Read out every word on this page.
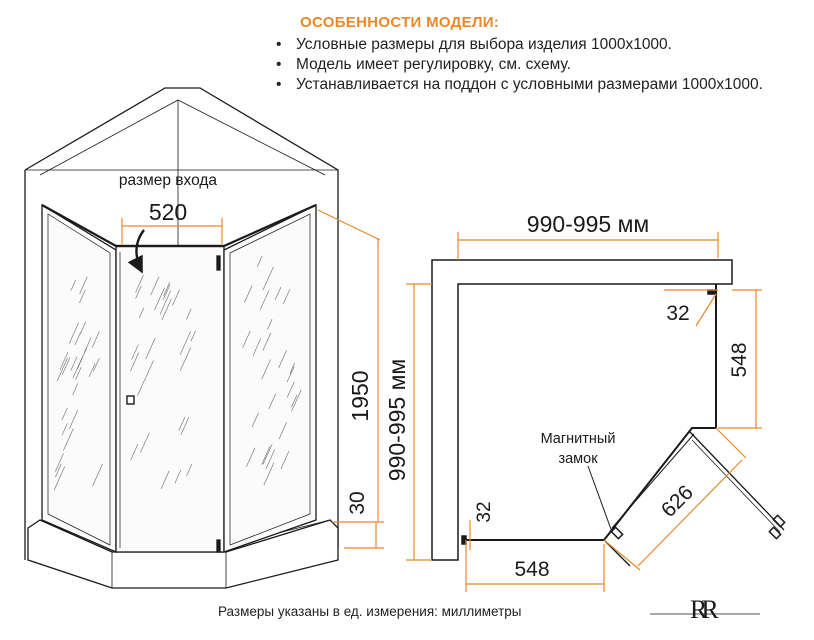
ОСОБЕННОСТИ МОДЕЛИ:
• Условные размеры для выбора изделия 1000x1000.
• Модель имеет регулировку, см. схему.
• Устанавливается на поддон с условными размерами 1000x1000.
размер входа
520
1950
30
990-995 мм
990-995 мм
32
548
548
32	626
Магнитный
замок
RR
Размеры указаны в ед. измерения: миллиметры
